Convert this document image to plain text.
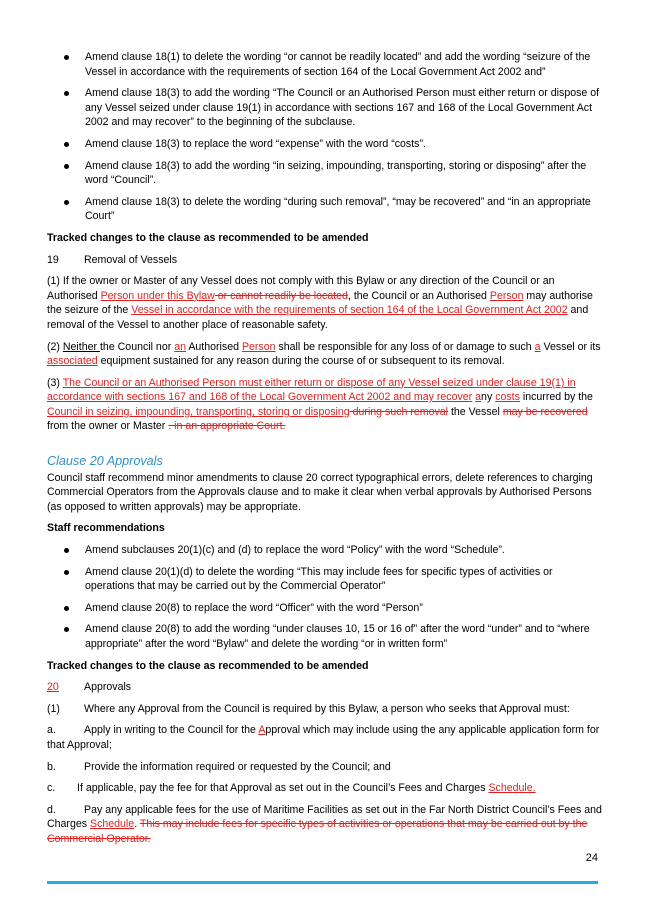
Amend clause 18(1) to delete the wording “or cannot be readily located” and add the wording “seizure of the Vessel in accordance with the requirements of section 164 of the Local Government Act 2002 and”
Amend clause 18(3) to add the wording “The Council or an Authorised Person must either return or dispose of any Vessel seized under clause 19(1) in accordance with sections 167 and 168 of the Local Government Act 2002 and may recover” to the beginning of the subclause.
Amend clause 18(3) to replace the word “expense” with the word “costs”.
Amend clause 18(3) to add the wording “in seizing, impounding, transporting, storing or disposing” after the word “Council”.
Amend clause 18(3) to delete the wording “during such removal”, “may be recovered” and “in an appropriate Court”

Tracked changes to the clause as recommended to be amended

19	Removal of Vessels

(1) If the owner or Master of any Vessel does not comply with this Bylaw or any direction of the Council or an Authorised Person under this Bylaw or cannot readily be located, the Council or an Authorised Person may authorise the seizure of the Vessel in accordance with the requirements of section 164 of the Local Government Act 2002 and removal of the Vessel to another place of reasonable safety.

(2) Neither the Council nor an Authorised Person shall be responsible for any loss of or damage to such a Vessel or its associated equipment sustained for any reason during the course of or subsequent to its removal.

(3) The Council or an Authorised Person must either return or dispose of any Vessel seized under clause 19(1) in accordance with sections 167 and 168 of the Local Government Act 2002 and may recover any costs incurred by the Council in seizing, impounding, transporting, storing or disposing during such removal the Vessel may be recovered from the owner or Master . in an appropriate Court.

Clause 20 Approvals

Council staff recommend minor amendments to clause 20 correct typographical errors, delete references to charging Commercial Operators from the Approvals clause and to make it clear when verbal approvals by Authorised Persons (as opposed to written approvals) may be appropriate.

Staff recommendations

Amend subclauses 20(1)(c) and (d) to replace the word “Policy” with the word “Schedule”.
Amend clause 20(1)(d) to delete the wording “This may include fees for specific types of activities or operations that may be carried out by the Commercial Operator”
Amend clause 20(8) to replace the word “Officer” with the word “Person”
Amend clause 20(8) to add the wording “under clauses 10, 15 or 16 of” after the word “under” and to “where appropriate” after the word “Bylaw” and delete the wording “or in written form”

Tracked changes to the clause as recommended to be amended

20	Approvals
(1)	Where any Approval from the Council is required by this Bylaw, a person who seeks that Approval must:

a.	Apply in writing to the Council for the Approval which may include using the any applicable application form for that Approval;

b.	Provide the information required or requested by the Council; and

c. If applicable, pay the fee for that Approval as set out in the Council’s Fees and Charges Schedule.

d.	Pay any applicable fees for the use of Maritime Facilities as set out in the Far North District Council’s Fees and Charges Schedule. This may include fees for specific types of activities or operations that may be carried out by the Commercial Operator.

24
